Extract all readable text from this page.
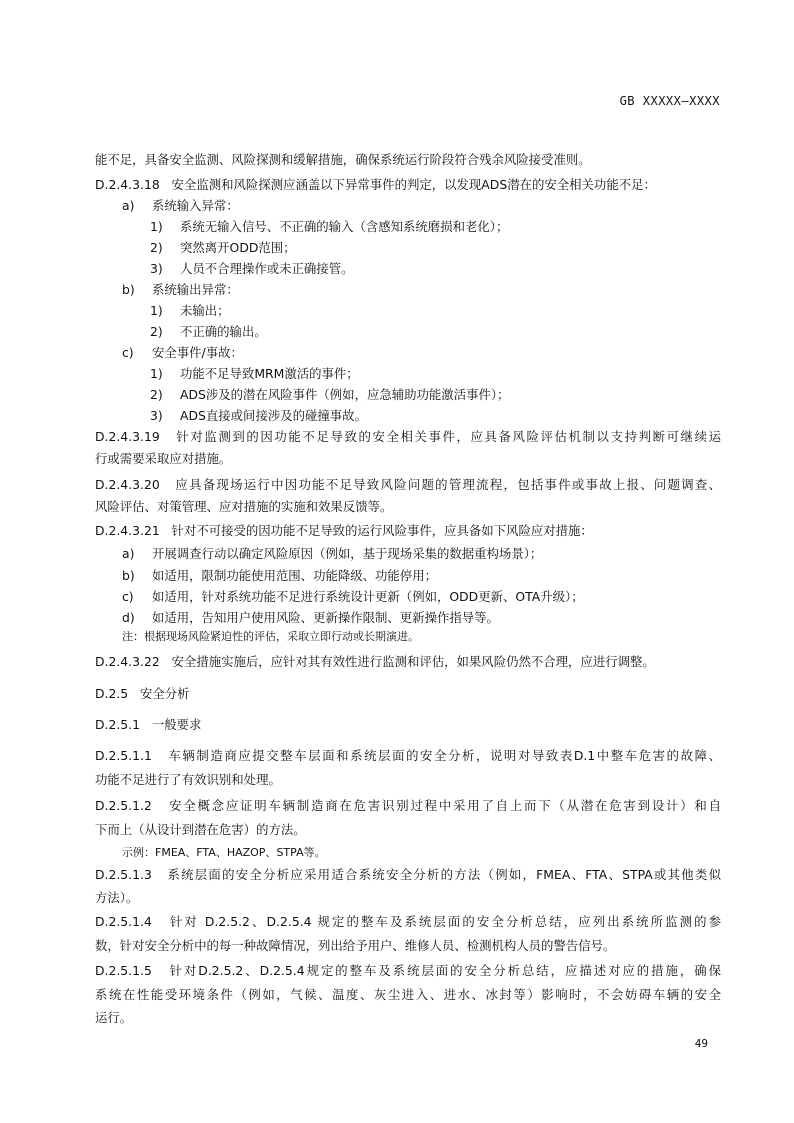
GB XXXXX—XXXX
能不足，具备安全监测、风险探测和缓解措施，确保系统运行阶段符合残余风险接受准则。
D.2.4.3.18 安全监测和风险探测应涵盖以下异常事件的判定，以发现ADS潜在的安全相关功能不足：
a) 系统输入异常：
1) 系统无输入信号、不正确的输入（含感知系统磨损和老化）；
2) 突然离开ODD范围；
3) 人员不合理操作或未正确接管。
b) 系统输出异常：
1) 未输出；
2) 不正确的输出。
c) 安全事件/事故：
1) 功能不足导致MRM激活的事件；
2) ADS涉及的潜在风险事件（例如，应急辅助功能激活事件）；
3) ADS直接或间接涉及的碰撞事故。
D.2.4.3.19 针对监测到的因功能不足导致的安全相关事件，应具备风险评估机制以支持判断可继续运
行或需要采取应对措施。
D.2.4.3.20 应具备现场运行中因功能不足导致风险问题的管理流程，包括事件或事故上报、问题调查、
风险评估、对策管理、应对措施的实施和效果反馈等。
D.2.4.3.21 针对不可接受的因功能不足导致的运行风险事件，应具备如下风险应对措施：
a) 开展调查行动以确定风险原因（例如，基于现场采集的数据重构场景）；
b) 如适用，限制功能使用范围、功能降级、功能停用；
c) 如适用，针对系统功能不足进行系统设计更新（例如，ODD更新、OTA升级）；
d) 如适用，告知用户使用风险、更新操作限制、更新操作指导等。
注：根据现场风险紧迫性的评估，采取立即行动或长期演进。
D.2.4.3.22 安全措施实施后，应针对其有效性进行监测和评估，如果风险仍然不合理，应进行调整。
D.2.5 安全分析
D.2.5.1 一般要求
D.2.5.1.1 车辆制造商应提交整车层面和系统层面的安全分析，说明对导致表D.1中整车危害的故障、
功能不足进行了有效识别和处理。
D.2.5.1.2 安全概念应证明车辆制造商在危害识别过程中采用了自上而下（从潜在危害到设计）和自
下而上（从设计到潜在危害）的方法。
示例：FMEA、FTA、HAZOP、STPA等。
D.2.5.1.3 系统层面的安全分析应采用适合系统安全分析的方法（例如，FMEA、FTA、STPA或其他类似
方法）。
D.2.5.1.4 针对 D.2.5.2、D.2.5.4 规定的整车及系统层面的安全分析总结，应列出系统所监测的参
数，针对安全分析中的每一种故障情况，列出给予用户、维修人员、检测机构人员的警告信号。
D.2.5.1.5 针对D.2.5.2、D.2.5.4规定的整车及系统层面的安全分析总结，应描述对应的措施，确保
系统在性能受环境条件（例如，气候、温度、灰尘进入、进水、冰封等）影响时，不会妨碍车辆的安全
运行。
49
